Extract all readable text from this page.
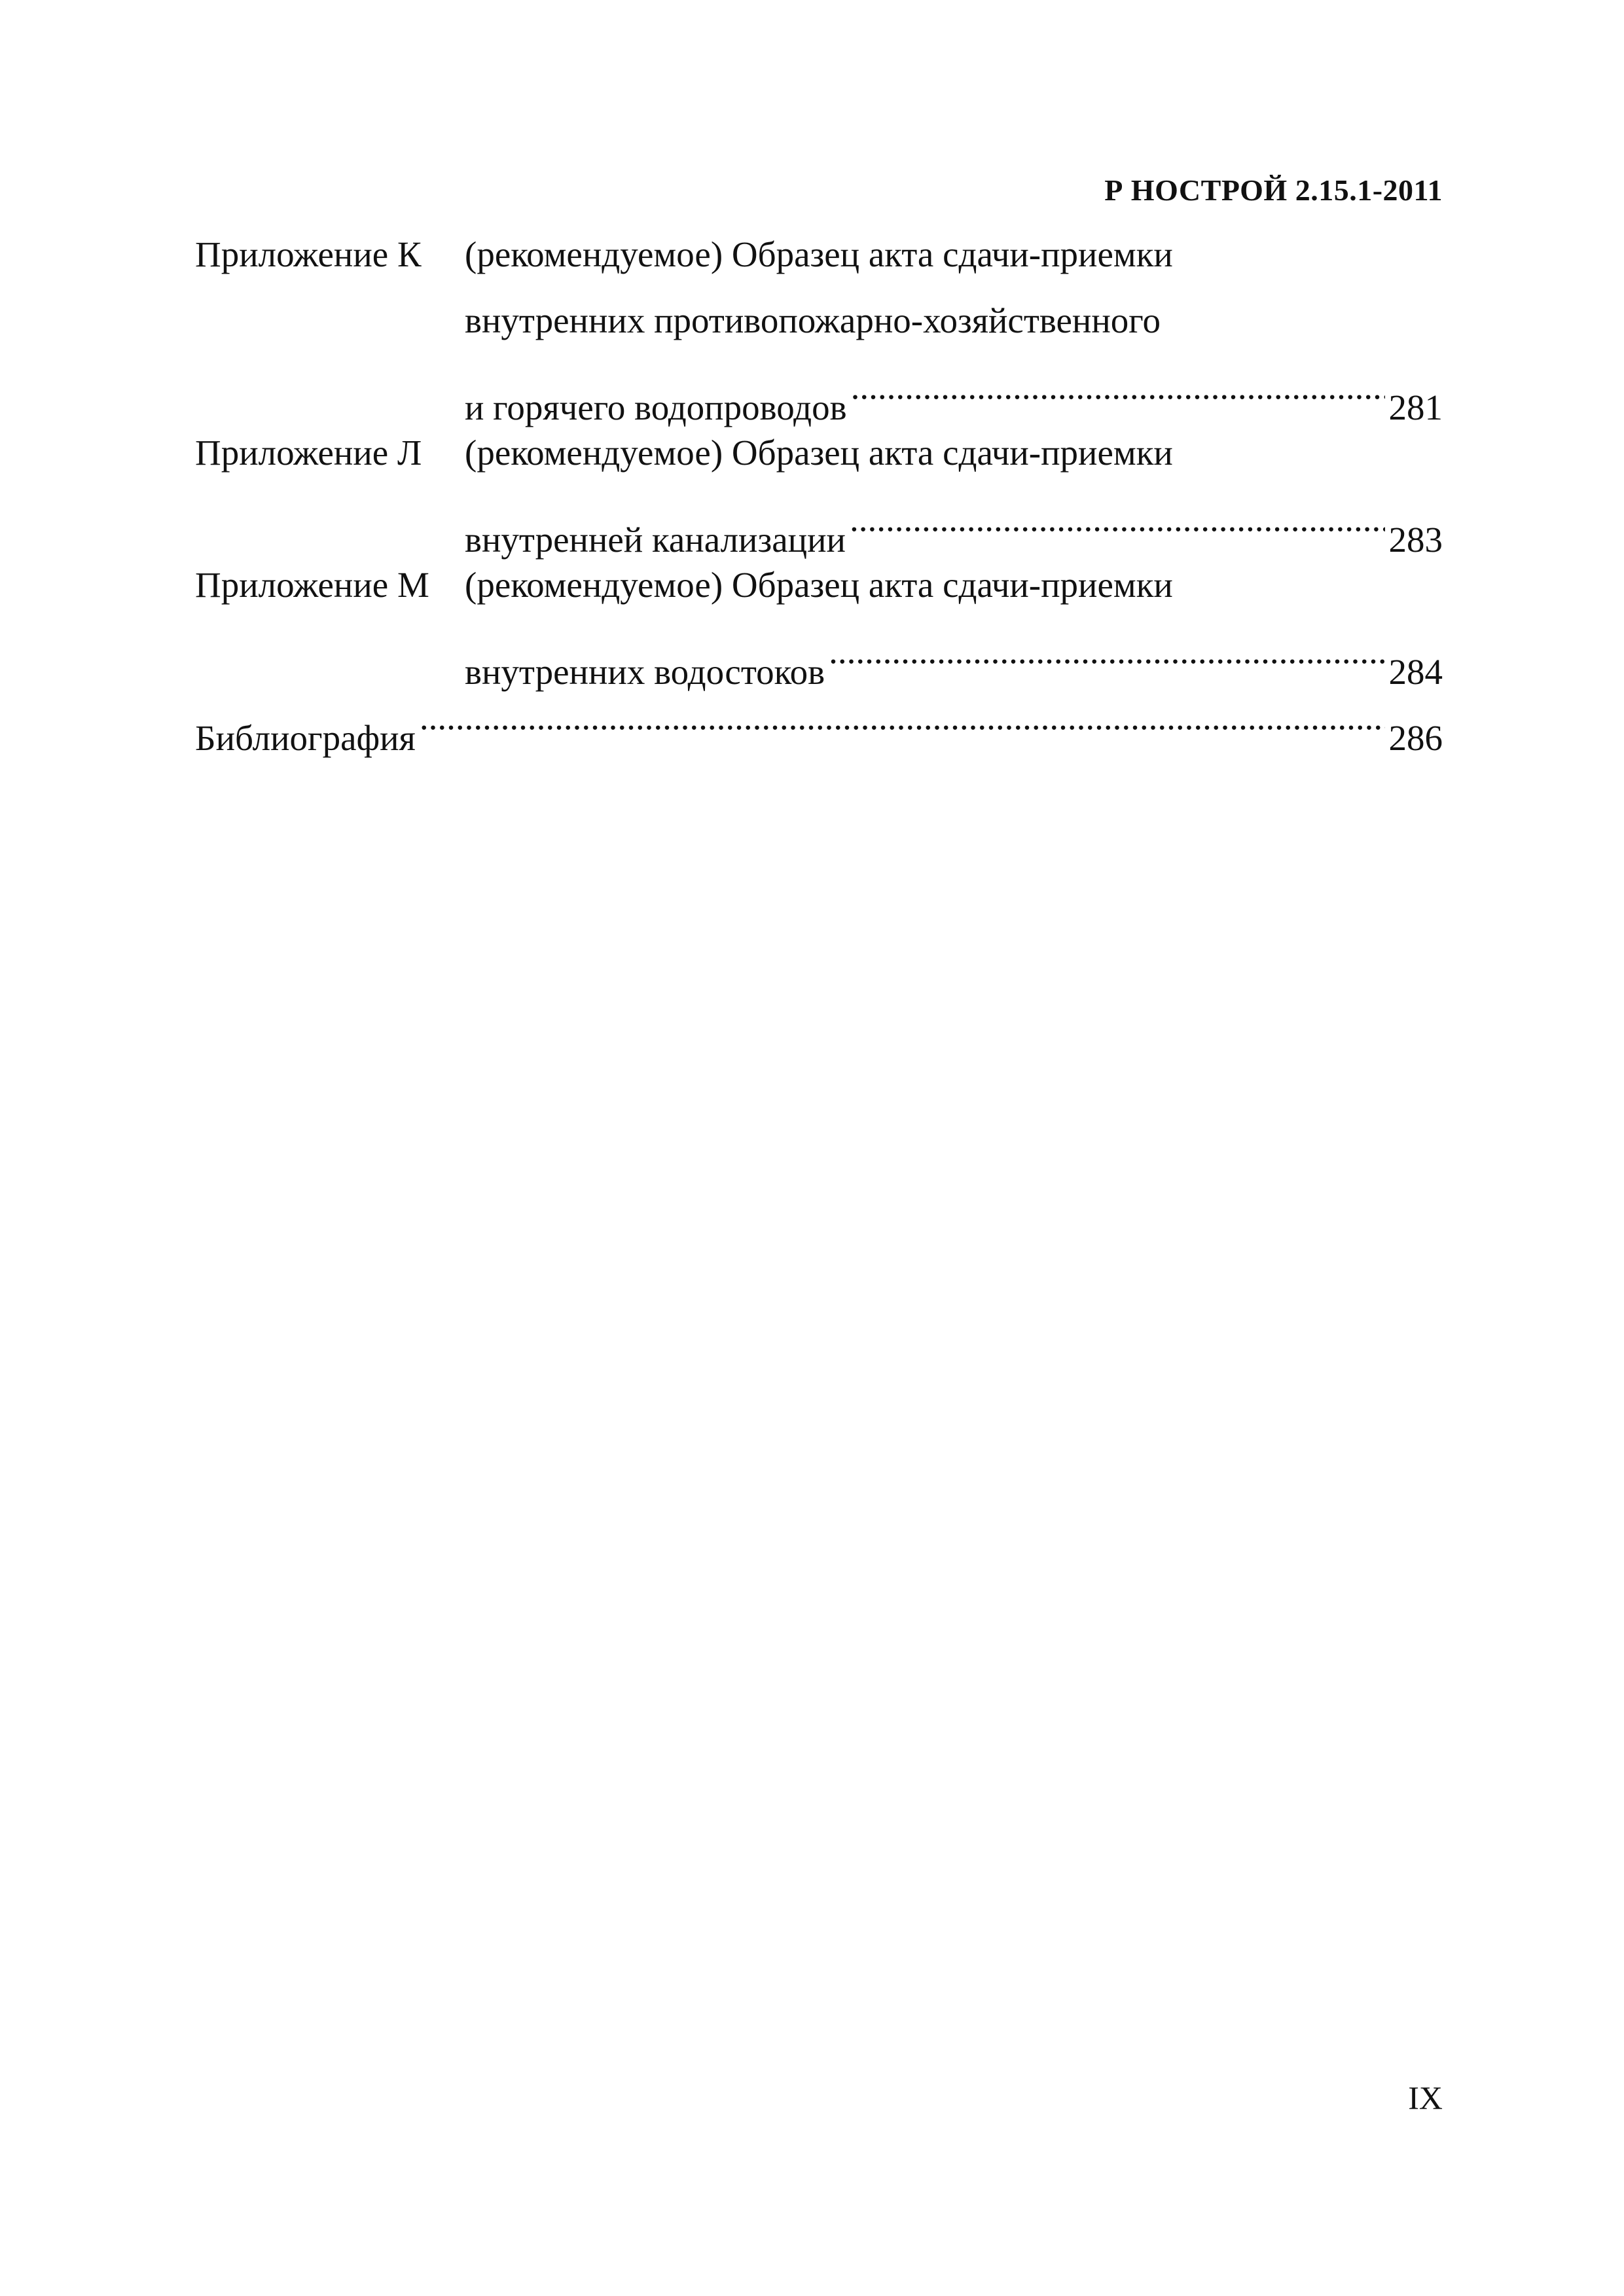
Р НОСТРОЙ 2.15.1-2011
Приложение К	(рекомендуемое) Образец акта сдачи-приемки
внутренних противопожарно-хозяйственного
и горячего водопроводов .....	281
Приложение Л	(рекомендуемое) Образец акта сдачи-приемки
внутренней канализации .....	283
Приложение М (рекомендуемое) Образец акта сдачи-приемки
внутренних водостоков .....	284
Библиография .....	286
IX
